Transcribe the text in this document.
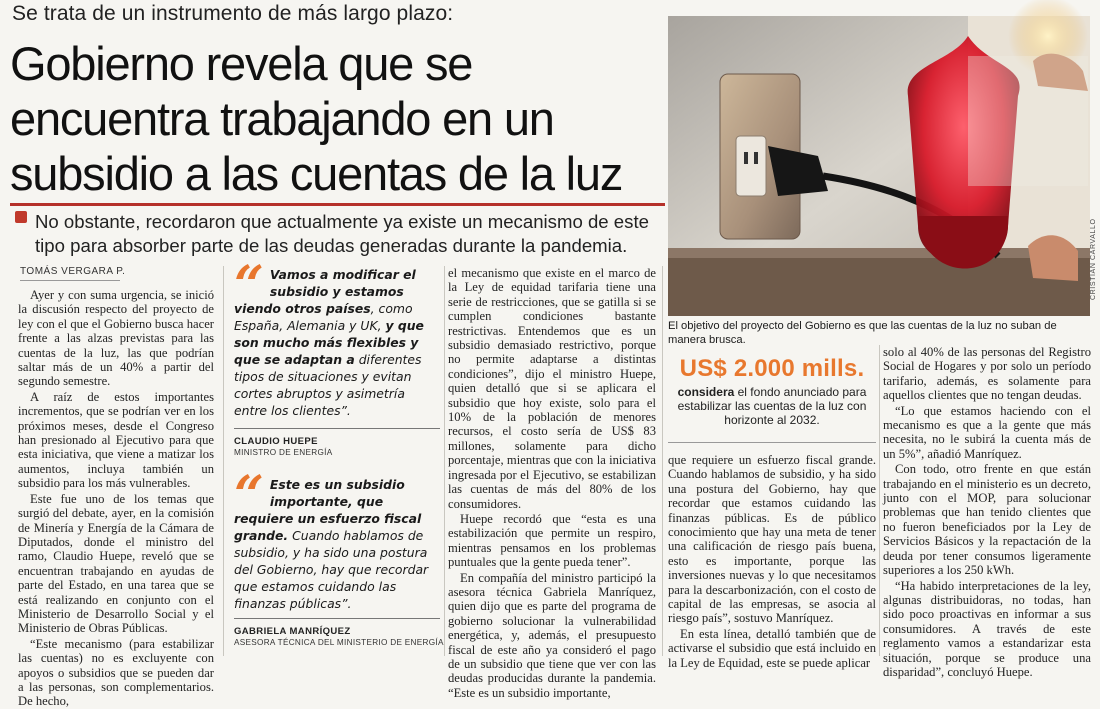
Se trata de un instrumento de más largo plazo:
Gobierno revela que se encuentra trabajando en un subsidio a las cuentas de la luz

No obstante, recordaron que actualmente ya existe un mecanismo de este tipo para absorber parte de las deudas generadas durante la pandemia.

TOMÁS VERGARA P.

Ayer y con suma urgencia, se inició la discusión respecto del proyecto de ley con el que el Gobierno busca hacer frente a las alzas previstas para las cuentas de la luz, las que podrían saltar más de un 40% a partir del segundo semestre.

A raíz de estos importantes incrementos, que se podrían ver en los próximos meses, desde el Congreso han presionado al Ejecutivo para que esta iniciativa, que viene a matizar los aumentos, incluya también un subsidio para los más vulnerables.

Este fue uno de los temas que surgió del debate, ayer, en la comisión de Minería y Energía de la Cámara de Diputados, donde el ministro del ramo, Claudio Huepe, reveló que se encuentran trabajando en ayudas de parte del Estado, en una tarea que se está realizando en conjunto con el Ministerio de Desarrollo Social y el Ministerio de Obras Públicas.

“Este mecanismo (para estabilizar las cuentas) no es excluyente con apoyos o subsidios que se pueden dar a las personas, son complementarios. De hecho,

“ Vamos a modificar el subsidio y estamos viendo otros países, como España, Alemania y UK, y que son mucho más flexibles y que se adaptan a diferentes tipos de situaciones y evitan cortes abruptos y asimetría entre los clientes”.
CLAUDIO HUEPE
MINISTRO DE ENERGÍA
“ Este es un subsidio importante, que requiere un esfuerzo fiscal grande. Cuando hablamos de subsidio, y ha sido una postura del Gobierno, hay que recordar que estamos cuidando las finanzas públicas”.
GABRIELA MANRÍQUEZ
ASESORA TÉCNICA DEL MINISTERIO DE ENERGÍA

el mecanismo que existe en el marco de la Ley de equidad tarifaria tiene una serie de restricciones, que se gatilla si se cumplen condiciones bastante restrictivas. Entendemos que es un subsidio demasiado restrictivo, porque no permite adaptarse a distintas condiciones”, dijo el ministro Huepe, quien detalló que si se aplicara el subsidio que hoy existe, solo para el 10% de la población de menores recursos, el costo sería de US$ 83 millones, solamente para dicho porcentaje, mientras que con la iniciativa ingresada por el Ejecutivo, se estabilizan las cuentas de más del 80% de los consumidores.

Huepe recordó que “esta es una estabilización que permite un respiro, mientras pensamos en los problemas puntuales que la gente pueda tener”.

En compañía del ministro participó la asesora técnica Gabriela Manríquez, quien dijo que es parte del programa de gobierno solucionar la vulnerabilidad energética, y, además, el presupuesto fiscal de este año ya consideró el pago de un subsidio que tiene que ver con las deudas producidas durante la pandemia. “Este es un subsidio importante,

CRISTIAN CARVALLO
El objetivo del proyecto del Gobierno es que las cuentas de la luz no suban de manera brusca.
US$ 2.000 mills.
considera el fondo anunciado para estabilizar las cuentas de la luz con horizonte al 2032.

que requiere un esfuerzo fiscal grande. Cuando hablamos de subsidio, y ha sido una postura del Gobierno, hay que recordar que estamos cuidando las finanzas públicas. Es de público conocimiento que hay una meta de tener una calificación de riesgo país buena, esto es importante, porque las inversiones nuevas y lo que necesitamos para la descarbonización, con el costo de capital de las empresas, se asocia al riesgo país”, sostuvo Manríquez.

En esta línea, detalló también que de activarse el subsidio que está incluido en la Ley de Equidad, este se puede aplicar

solo al 40% de las personas del Registro Social de Hogares y por solo un período tarifario, además, es solamente para aquellos clientes que no tengan deudas.

“Lo que estamos haciendo con el mecanismo es que a la gente que más necesita, no le subirá la cuenta más de un 5%”, añadió Manríquez.

Con todo, otro frente en que están trabajando en el ministerio es un decreto, junto con el MOP, para solucionar problemas que han tenido clientes que no fueron beneficiados por la Ley de Servicios Básicos y la repactación de la deuda por tener consumos ligeramente superiores a los 250 kWh.

“Ha habido interpretaciones de la ley, algunas distribuidoras, no todas, han sido poco proactivas en informar a sus consumidores. A través de este reglamento vamos a estandarizar esta situación, porque se produce una disparidad”, concluyó Huepe.
